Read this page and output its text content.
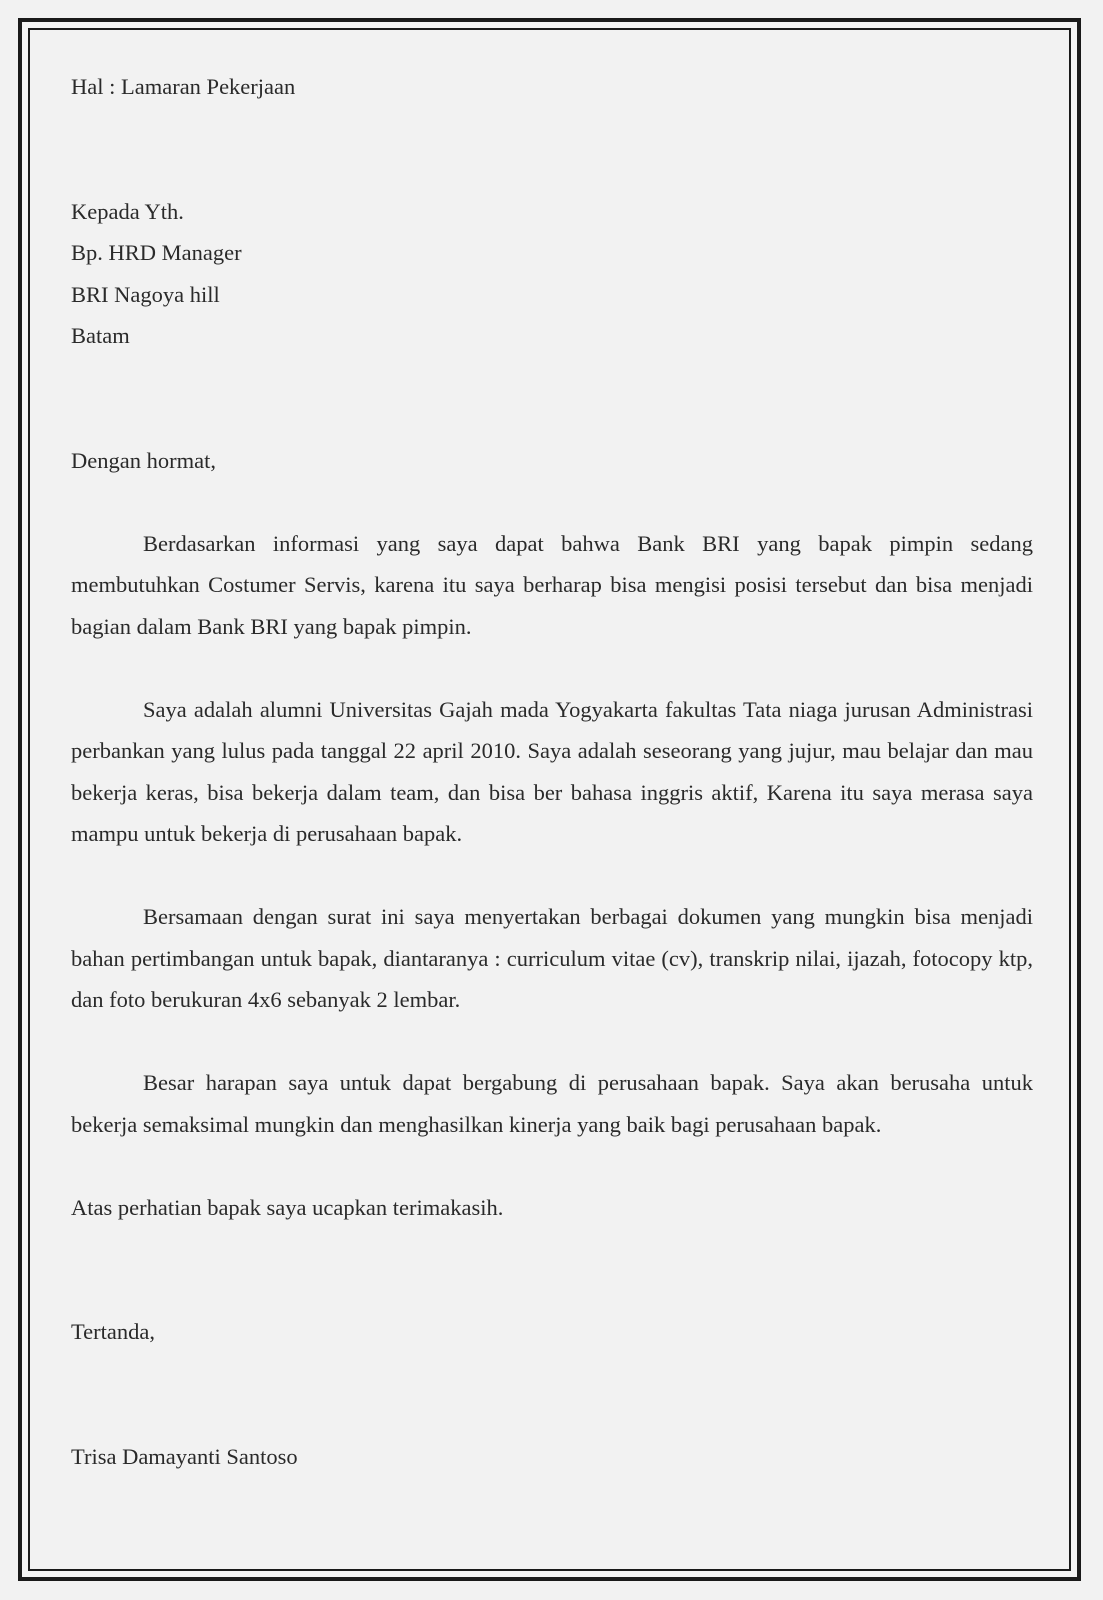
Hal : Lamaran Pekerjaan

Kepada Yth.

Bp. HRD Manager

BRI Nagoya hill

Batam

Dengan hormat,

Berdasarkan informasi yang saya dapat bahwa Bank BRI yang bapak pimpin sedang membutuhkan Costumer Servis, karena itu saya berharap bisa mengisi posisi tersebut dan bisa menjadi bagian dalam Bank BRI yang bapak pimpin.

Saya adalah alumni Universitas Gajah mada Yogyakarta fakultas Tata niaga jurusan Administrasi perbankan yang lulus pada tanggal 22 april 2010. Saya adalah seseorang yang jujur, mau belajar dan mau bekerja keras, bisa bekerja dalam team, dan bisa ber bahasa inggris aktif, Karena itu saya merasa saya mampu untuk bekerja di perusahaan bapak.

Bersamaan dengan surat ini saya menyertakan berbagai dokumen yang mungkin bisa menjadi bahan pertimbangan untuk bapak, diantaranya : curriculum vitae (cv), transkrip nilai, ijazah, fotocopy ktp, dan foto berukuran 4x6 sebanyak 2 lembar.

Besar harapan saya untuk dapat bergabung di perusahaan bapak. Saya akan berusaha untuk bekerja semaksimal mungkin dan menghasilkan kinerja yang baik bagi perusahaan bapak.

Atas perhatian bapak saya ucapkan terimakasih.

Tertanda,

Trisa Damayanti Santoso
